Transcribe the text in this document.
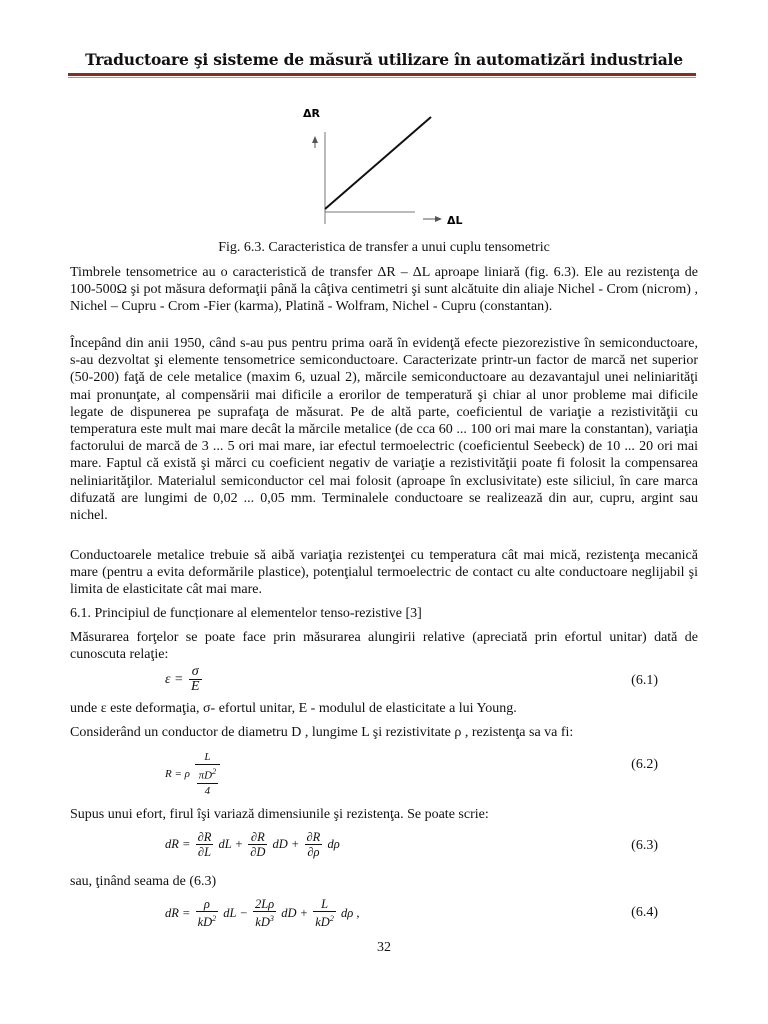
Traductoare şi sisteme de măsură utilizare în automatizări industriale
ΔR
ΔL
Fig. 6.3. Caracteristica de transfer a unui cuplu tensometric
Timbrele tensometrice au o caracteristică de transfer ΔR – ΔL aproape liniară (fig. 6.3). Ele au rezistenţa de 100-500Ω şi pot măsura deformaţii până la câţiva centimetri şi sunt alcătuite din aliaje Nichel - Crom (nicrom) , Nichel – Cupru - Crom -Fier (karma), Platină - Wolfram, Nichel - Cupru (constantan).
Începând din anii 1950, când s-au pus pentru prima oară în evidenţă efecte piezorezistive în semiconductoare, s-au dezvoltat şi elemente tensometrice semiconductoare. Caracterizate printr-un factor de marcă net superior (50-200) faţă de cele metalice (maxim 6, uzual 2), mărcile semiconductoare au dezavantajul unei neliniarităţi mai pronunţate, al compensării mai dificile a erorilor de temperatură şi chiar al unor probleme mai dificile legate de dispunerea pe suprafaţa de măsurat. Pe de altă parte, coeficientul de variaţie a rezistivităţii cu temperatura este mult mai mare decât la mărcile metalice (de cca 60 ... 100 ori mai mare la constantan), variaţia factorului de marcă de 3 ... 5 ori mai mare, iar efectul termoelectric (coeficientul Seebeck) de 10 ... 20 ori mai mare. Faptul că există şi mărci cu coeficient negativ de variaţie a rezistivităţii poate fi folosit la compensarea neliniarităţilor. Materialul semiconductor cel mai folosit (aproape în exclusivitate) este siliciul, în care marca difuzată are lungimi de 0,02 ... 0,05 mm. Terminalele conductoare se realizează din aur, cupru, argint sau nichel.
Conductoarele metalice trebuie să aibă variaţia rezistenţei cu temperatura cât mai mică, rezistenţa mecanică mare (pentru a evita deformările plastice), potenţialul termoelectric de contact cu alte conductoare neglijabil şi limita de elasticitate cât mai mare.
6.1. Principiul de funcționare al elementelor tenso-rezistive [3]
Măsurarea forţelor se poate face prin măsurarea alungirii relative (apreciată prin efortul unitar) dată de cunoscuta relaţie:
$\varepsilon = \frac{\sigma}{E}$	(6.1)
unde ε este deformaţia, σ- efortul unitar, E - modulul de elasticitate a lui Young.
Considerând un conductor de diametru D , lungime L şi rezistivitate ρ , rezistenţa sa va fi:
R = ρ $\frac{L}{\frac{\pi D^2}{4}}$	(6.2)
Supus unui efort, firul îşi variază dimensiunile şi rezistenţa. Se poate scrie:
dR = $\frac{\partial R}{\partial L}$ dL + $\frac{\partial R}{\partial D}$ dD + $\frac{\partial R}{\partial\rho}$ dρ	(6.3)
sau, ţinând seama de (6.3)
dR = $\frac{\rho}{kD^2}$ dL − $\frac{2L\rho}{kD^3}$ dD + $\frac{L}{kD^2}$ dρ ,	(6.4)
32
